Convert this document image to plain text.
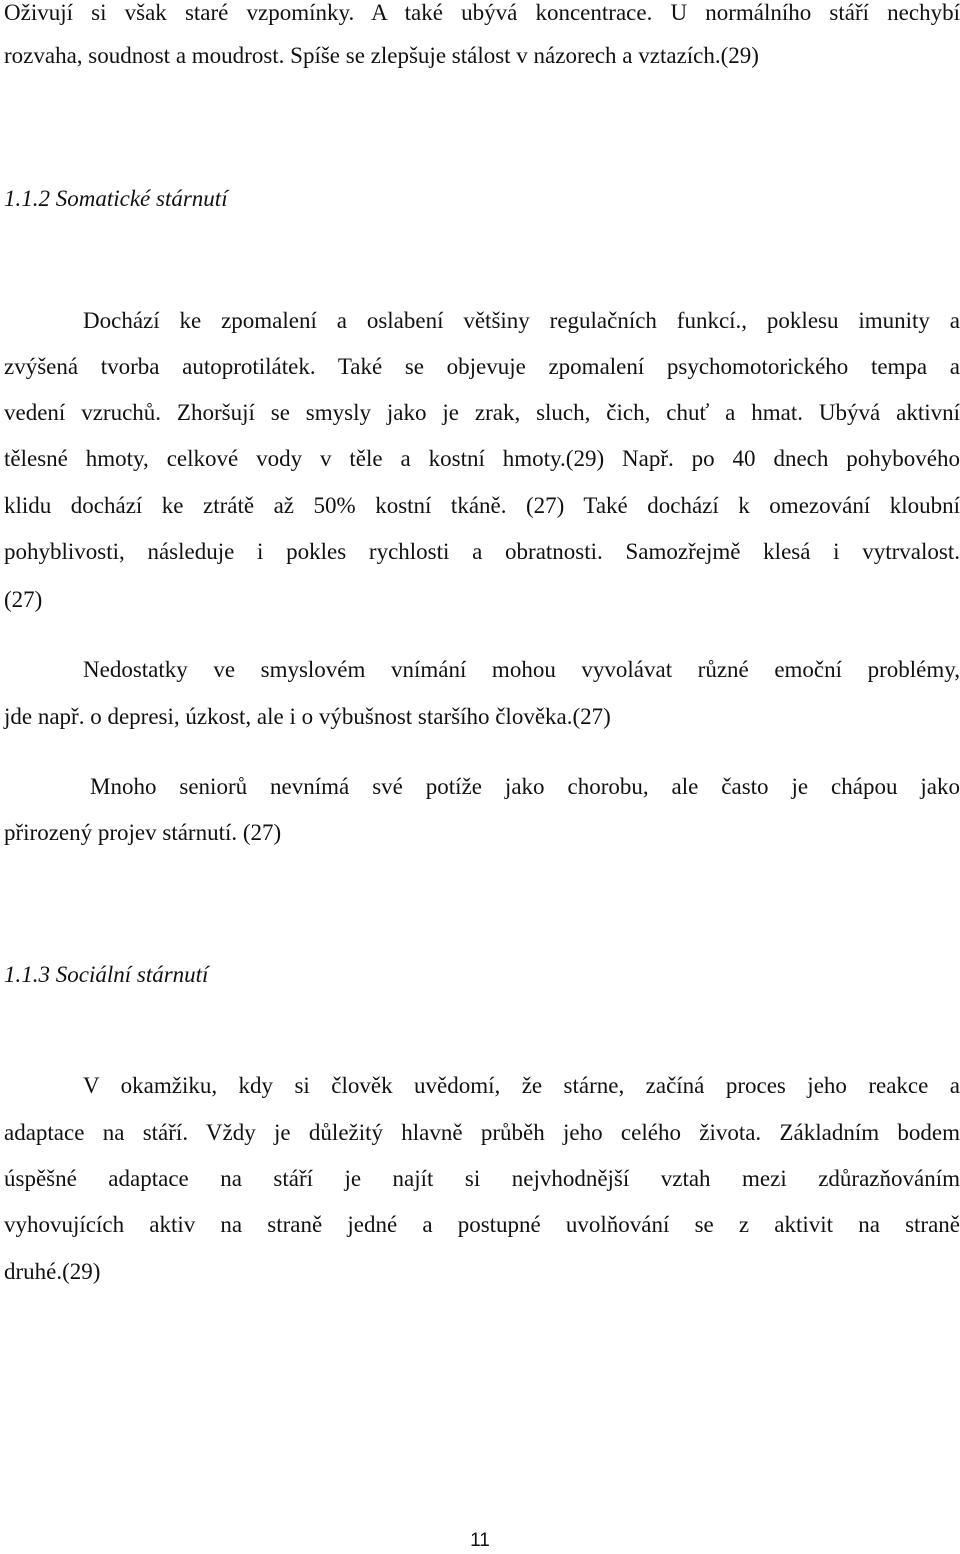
Oživují si však staré vzpomínky. A také ubývá koncentrace. U normálního stáří nechybí
rozvaha, soudnost a moudrost. Spíše se zlepšuje stálost v názorech a vztazích.(29)
1.1.2 Somatické stárnutí
Dochází ke zpomalení a oslabení většiny regulačních funkcí., poklesu imunity a
zvýšená tvorba autoprotilátek. Také se objevuje zpomalení psychomotorického tempa a
vedení vzruchů. Zhoršují se smysly jako je zrak, sluch, čich, chuť a hmat. Ubývá aktivní
tělesné hmoty, celkové vody v těle a kostní hmoty.(29) Např. po 40 dnech pohybového
klidu dochází ke ztrátě až 50% kostní tkáně. (27) Také dochází k omezování kloubní
pohyblivosti, následuje i pokles rychlosti a obratnosti. Samozřejmě klesá i vytrvalost.
(27)
Nedostatky ve smyslovém vnímání mohou vyvolávat různé emoční problémy,
jde např. o depresi, úzkost, ale i o výbušnost staršího člověka.(27)
Mnoho seniorů nevnímá své potíže jako chorobu, ale často je chápou jako
přirozený projev stárnutí. (27)
1.1.3 Sociální stárnutí
V okamžiku, kdy si člověk uvědomí, že stárne, začíná proces jeho reakce a
adaptace na stáří. Vždy je důležitý hlavně průběh jeho celého života. Základním bodem
úspěšné adaptace na stáří je najít si nejvhodnější vztah mezi zdůrazňováním
vyhovujících aktiv na straně jedné a postupné uvolňování se z aktivit na straně
druhé.(29)
11
